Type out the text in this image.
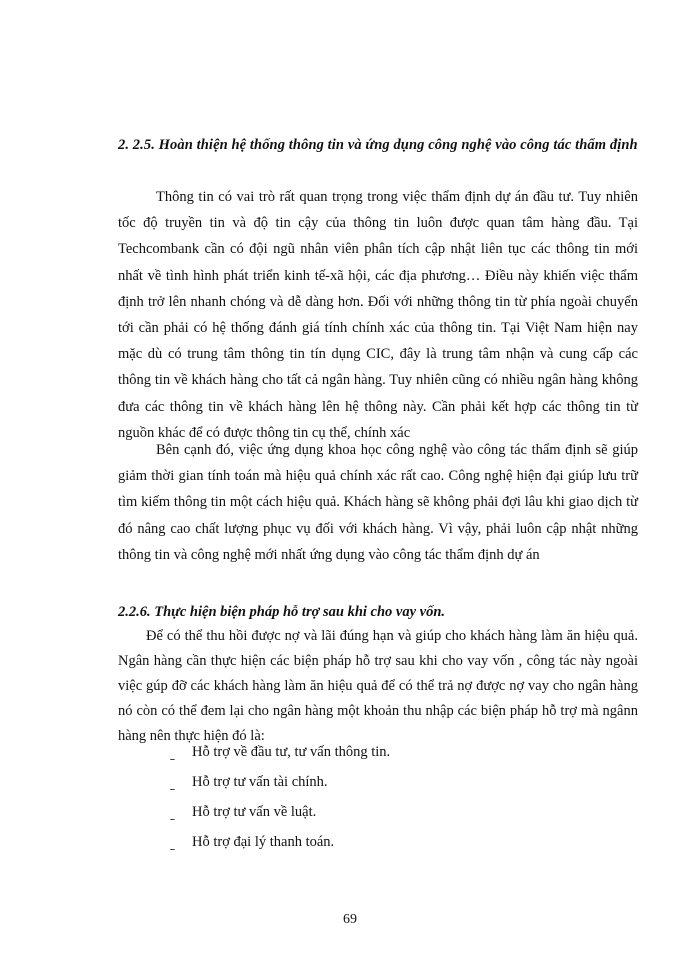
2. 2.5. Hoàn thiện hệ thống thông tin và ứng dụng công nghệ vào công tác thẩm định
Thông tin có vai trò rất quan trọng trong việc thẩm định dự án đầu tư. Tuy nhiên tốc độ truyền tin và độ tin cậy của thông tin luôn được quan tâm hàng đầu. Tại Techcombank cần có đội ngũ nhân viên phân tích cập nhật liên tục các thông tin mới nhất về tình hình phát triển kinh tế-xã hội, các địa phương… Điều này khiến việc thẩm định trở lên nhanh chóng và dễ dàng hơn. Đối với những thông tin từ phía ngoài chuyển tới cần phải có hệ thống đánh giá tính chính xác của thông tin. Tại Việt Nam hiện nay mặc dù có trung tâm thông tin tín dụng CIC, đây là trung tâm nhận và cung cấp các thông tin về khách hàng cho tất cả ngân hàng. Tuy nhiên cũng có nhiều ngân hàng không đưa các thông tin về khách hàng lên hệ thông này. Cần phải kết hợp các thông tin từ nguồn khác để có được thông tin cụ thể, chính xác
Bên cạnh đó, việc ứng dụng khoa học công nghệ vào công tác thẩm định sẽ giúp giảm thời gian tính toán mà hiệu quả chính xác rất cao. Công nghệ hiện đại giúp lưu trữ tìm kiếm thông tin một cách hiệu quả. Khách hàng sẽ không phải đợi lâu khi giao dịch từ đó nâng cao chất lượng phục vụ đối với khách hàng. Vì vậy, phải luôn cập nhật những thông tin và công nghệ mới nhất ứng dụng vào công tác thẩm định dự án
2.2.6. Thực hiện biện pháp hỗ trợ sau khi cho vay vốn.
Để có thể thu hồi được nợ và lãi đúng hạn và giúp cho khách hàng làm ăn hiệu quả. Ngân hàng cần thực hiện các biện pháp hỗ trợ sau khi cho vay vốn , công tác này ngoài việc gúp đỡ các khách hàng làm ăn hiệu quả để có thể trả nợ được nợ vay cho ngân hàng nó còn có thể đem lại cho ngân hàng một khoản thu nhập các biện pháp hỗ trợ mà ngânn hàng nên thực hiện đó là:
ˍ Hỗ trợ về đầu tư, tư vấn thông tin.
ˍ Hỗ trợ tư vấn tài chính.
ˍ Hỗ trợ tư vấn về luật.
ˍ Hỗ trợ đại lý thanh toán.
69
